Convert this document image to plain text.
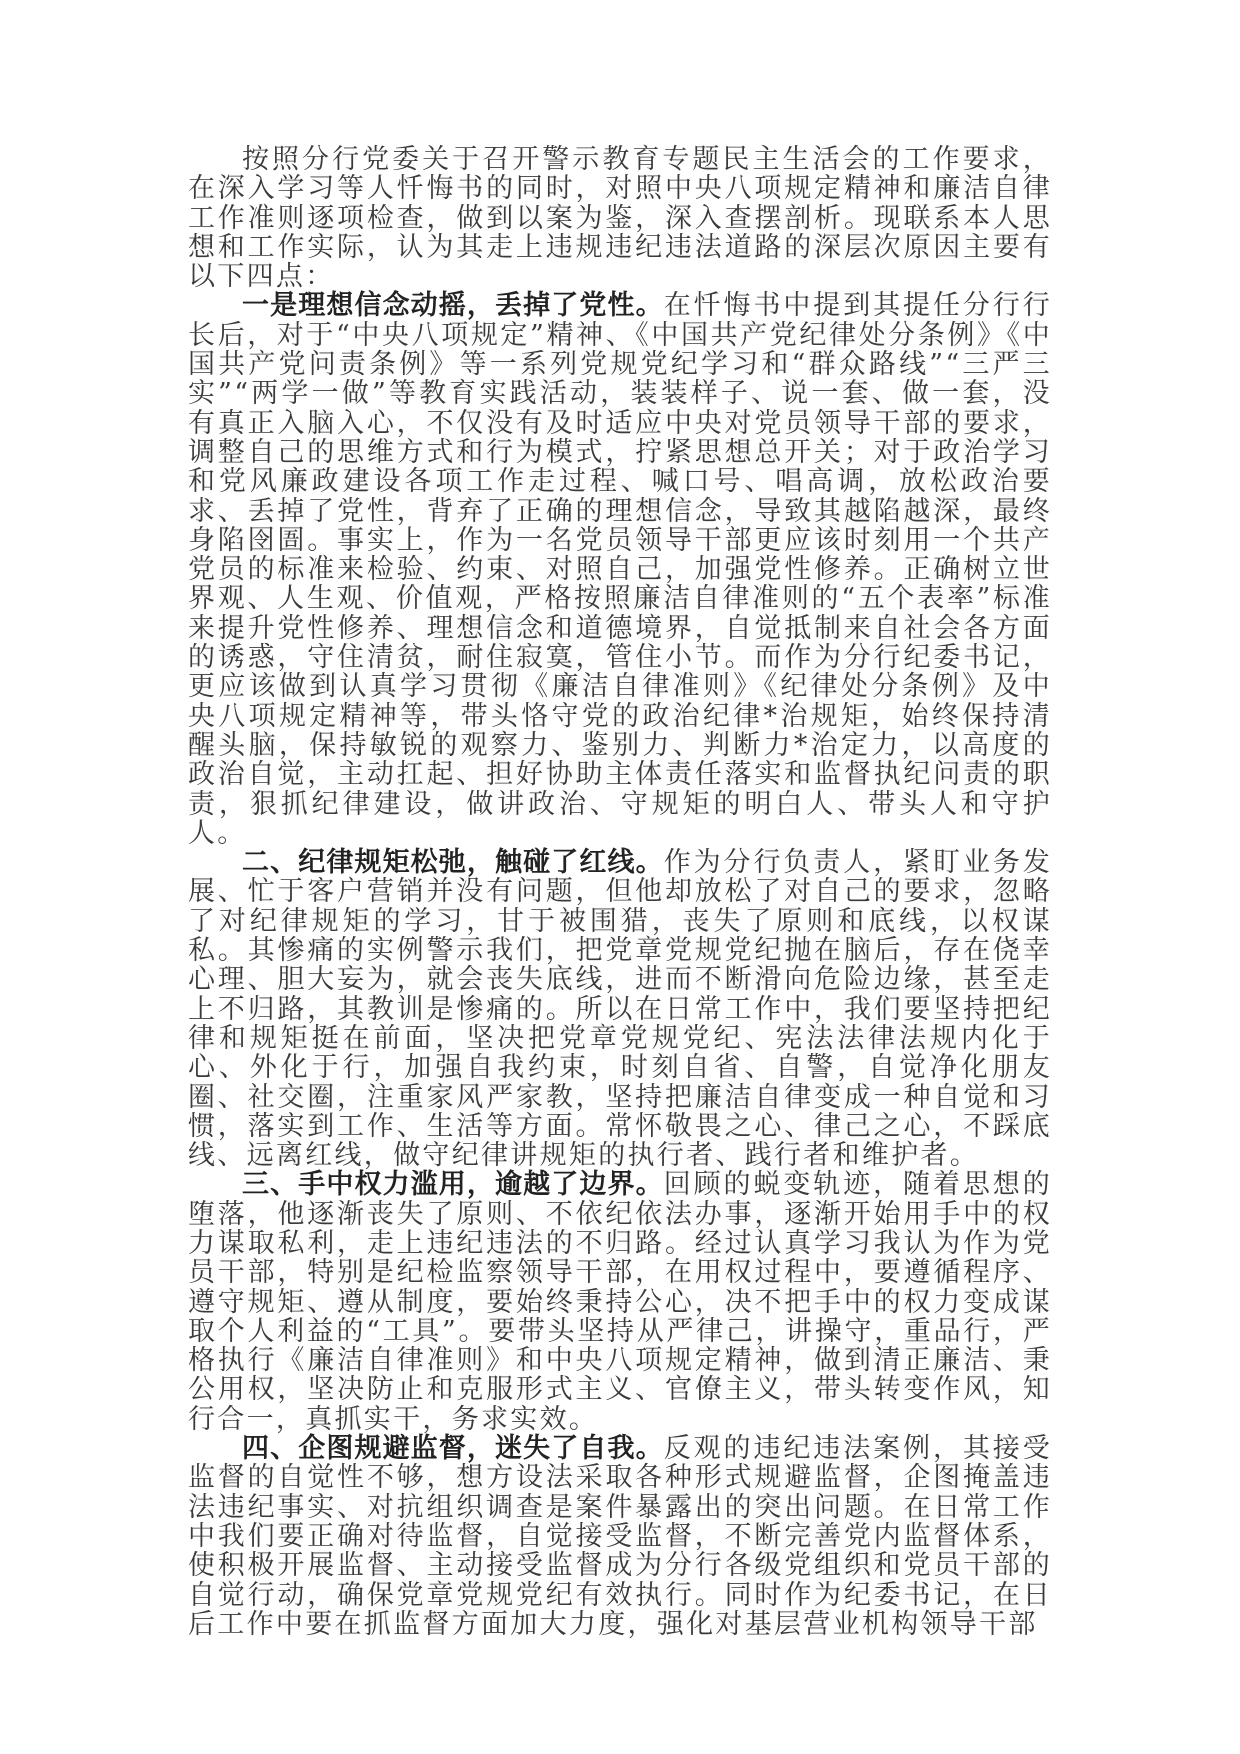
按照分行党委关于召开警示教育专题民主生活会的工作要求，在深入学习等人忏悔书的同时，对照中央八项规定精神和廉洁自律工作准则逐项检查，做到以案为鉴，深入查摆剖析。现联系本人思想和工作实际，认为其走上违规违纪违法道路的深层次原因主要有以下四点：

一是理想信念动摇，丢掉了党性。在忏悔书中提到其提任分行行长后，对于“中央八项规定”精神、《中国共产党纪律处分条例》《中国共产党问责条例》等一系列党规党纪学习和“群众路线”“三严三实”“两学一做”等教育实践活动，装装样子、说一套、做一套，没有真正入脑入心，不仅没有及时适应中央对党员领导干部的要求，调整自己的思维方式和行为模式，拧紧思想总开关；对于政治学习和党风廉政建设各项工作走过程、喊口号、唱高调，放松政治要求、丢掉了党性，背弃了正确的理想信念，导致其越陷越深，最终身陷囹圄。事实上，作为一名党员领导干部更应该时刻用一个共产党员的标准来检验、约束、对照自己，加强党性修养。正确树立世界观、人生观、价值观，严格按照廉洁自律准则的“五个表率”标准来提升党性修养、理想信念和道德境界，自觉抵制来自社会各方面的诱惑，守住清贫，耐住寂寞，管住小节。而作为分行纪委书记，更应该做到认真学习贯彻《廉洁自律准则》《纪律处分条例》及中央八项规定精神等，带头恪守党的政治纪律*治规矩，始终保持清醒头脑，保持敏锐的观察力、鉴别力、判断力*治定力，以高度的政治自觉，主动扛起、担好协助主体责任落实和监督执纪问责的职责，狠抓纪律建设，做讲政治、守规矩的明白人、带头人和守护人。

二、纪律规矩松弛，触碰了红线。作为分行负责人，紧盯业务发展、忙于客户营销并没有问题，但他却放松了对自己的要求，忽略了对纪律规矩的学习，甘于被围猎，丧失了原则和底线，以权谋私。其惨痛的实例警示我们，把党章党规党纪抛在脑后，存在侥幸心理、胆大妄为，就会丧失底线，进而不断滑向危险边缘，甚至走上不归路，其教训是惨痛的。所以在日常工作中，我们要坚持把纪律和规矩挺在前面，坚决把党章党规党纪、宪法法律法规内化于心、外化于行，加强自我约束，时刻自省、自警，自觉净化朋友圈、社交圈，注重家风严家教，坚持把廉洁自律变成一种自觉和习惯，落实到工作、生活等方面。常怀敬畏之心、律己之心，不踩底线、远离红线，做守纪律讲规矩的执行者、践行者和维护者。

三、手中权力滥用，逾越了边界。回顾的蜕变轨迹，随着思想的堕落，他逐渐丧失了原则、不依纪依法办事，逐渐开始用手中的权力谋取私利，走上违纪违法的不归路。经过认真学习我认为作为党员干部，特别是纪检监察领导干部，在用权过程中，要遵循程序、遵守规矩、遵从制度，要始终秉持公心，决不把手中的权力变成谋取个人利益的“工具”。要带头坚持从严律己，讲操守，重品行，严格执行《廉洁自律准则》和中央八项规定精神，做到清正廉洁、秉公用权，坚决防止和克服形式主义、官僚主义，带头转变作风，知行合一，真抓实干，务求实效。

四、企图规避监督，迷失了自我。反观的违纪违法案例，其接受监督的自觉性不够，想方设法采取各种形式规避监督，企图掩盖违法违纪事实、对抗组织调查是案件暴露出的突出问题。在日常工作中我们要正确对待监督，自觉接受监督，不断完善党内监督体系，使积极开展监督、主动接受监督成为分行各级党组织和党员干部的自觉行动，确保党章党规党纪有效执行。同时作为纪委书记，在日后工作中要在抓监督方面加大力度，强化对基层营业机构领导干部
